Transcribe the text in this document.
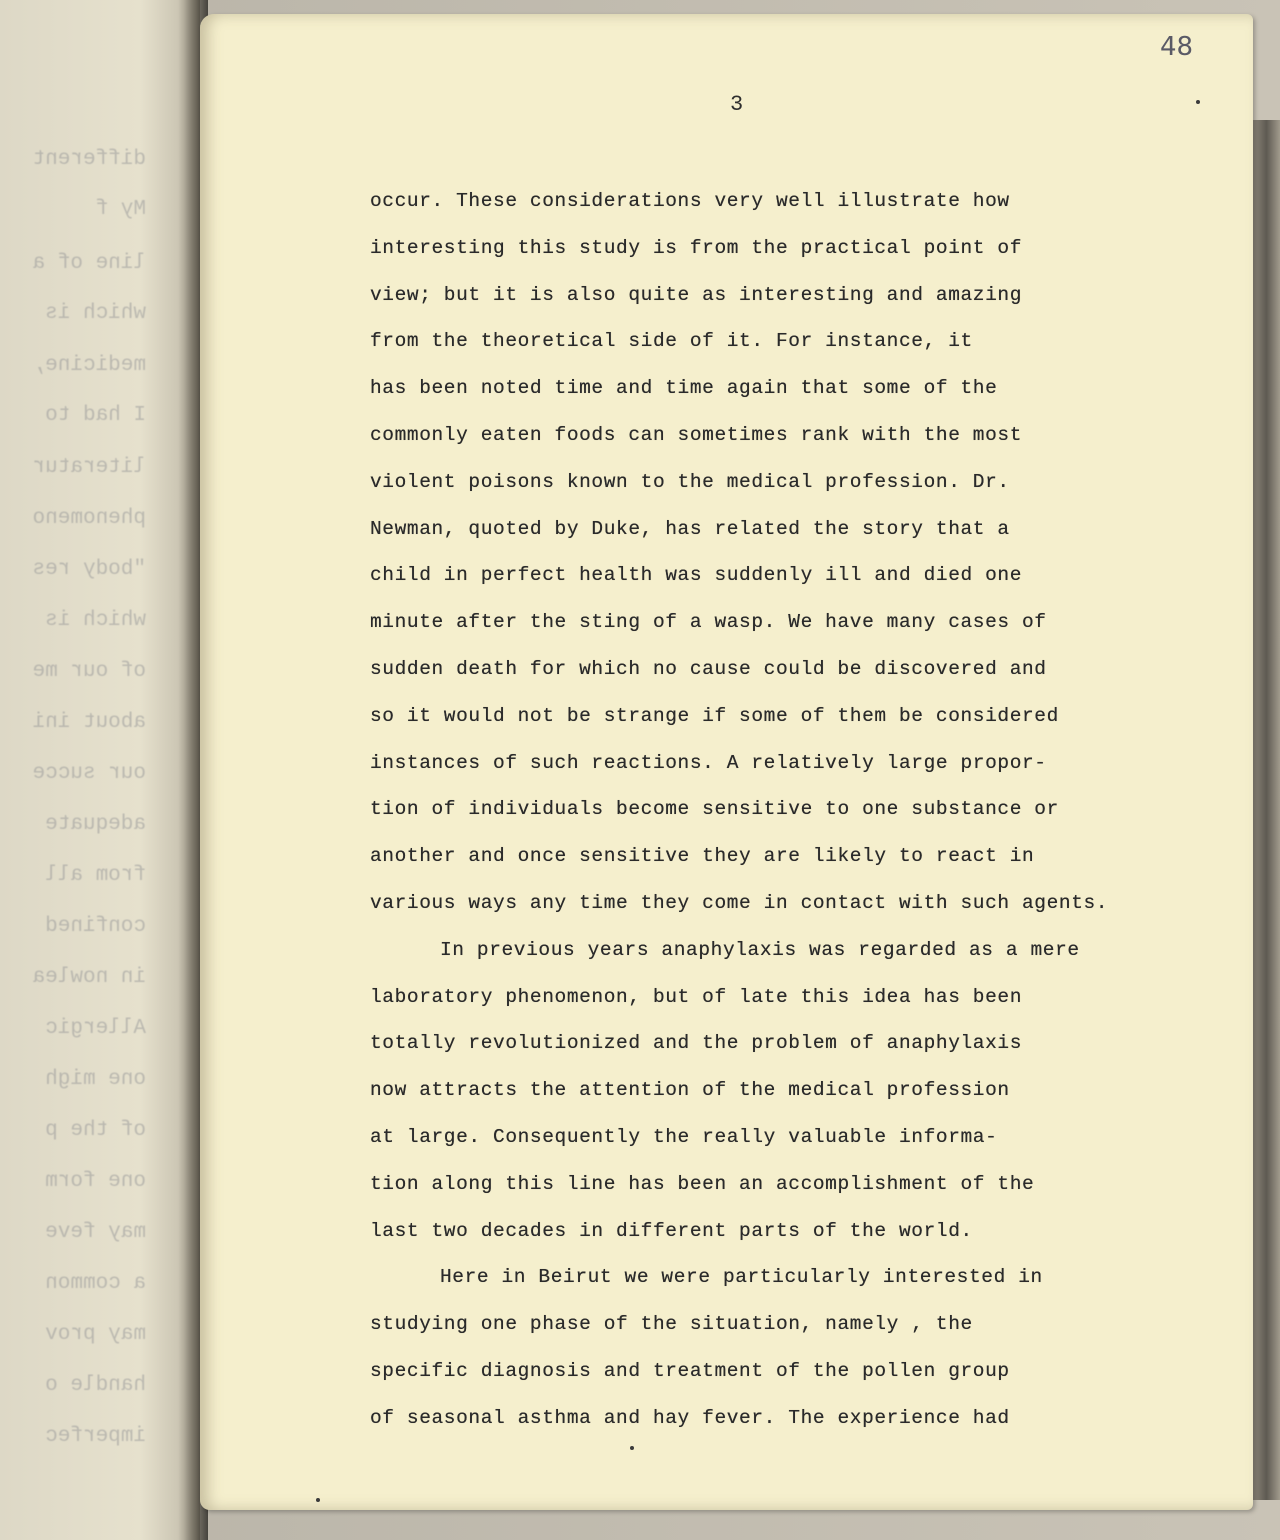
different
My f
line of a
which is
medicine,
I had to
literatur
phenomeno
"body res
which is
of our me
about ini
our succe
adequate
from all
confined
in nowlea
Allergic
one migh
of the p
one form
may feve
a common
may prov
handle o
imperfec
48
3
occur. These considerations very well illustrate how
interesting this study is from the practical point of
view; but it is also quite as interesting and amazing
from the theoretical side of it. For instance, it
has been noted time and time again that some of the
commonly eaten foods can sometimes rank with the most
violent poisons known to the medical profession. Dr.
Newman, quoted by Duke, has related the story that a
child in perfect health was suddenly ill and died one
minute after the sting of a wasp. We have many cases of
sudden death for which no cause could be discovered and
so it would not be strange if some of them be considered
instances of such reactions. A relatively large propor-
tion of individuals become sensitive to one substance or
another and once sensitive they are likely to react in
various ways any time they come in contact with such agents.
In previous years anaphylaxis was regarded as a mere
laboratory phenomenon, but of late this idea has been
totally revolutionized and the problem of anaphylaxis
now attracts the attention of the medical profession
at large. Consequently the really valuable informa-
tion along this line has been an accomplishment of the
last two decades in different parts of the world.
Here in Beirut we were particularly interested in
studying one phase of the situation, namely , the
specific diagnosis and treatment of the pollen group
of seasonal asthma and hay fever. The experience had
